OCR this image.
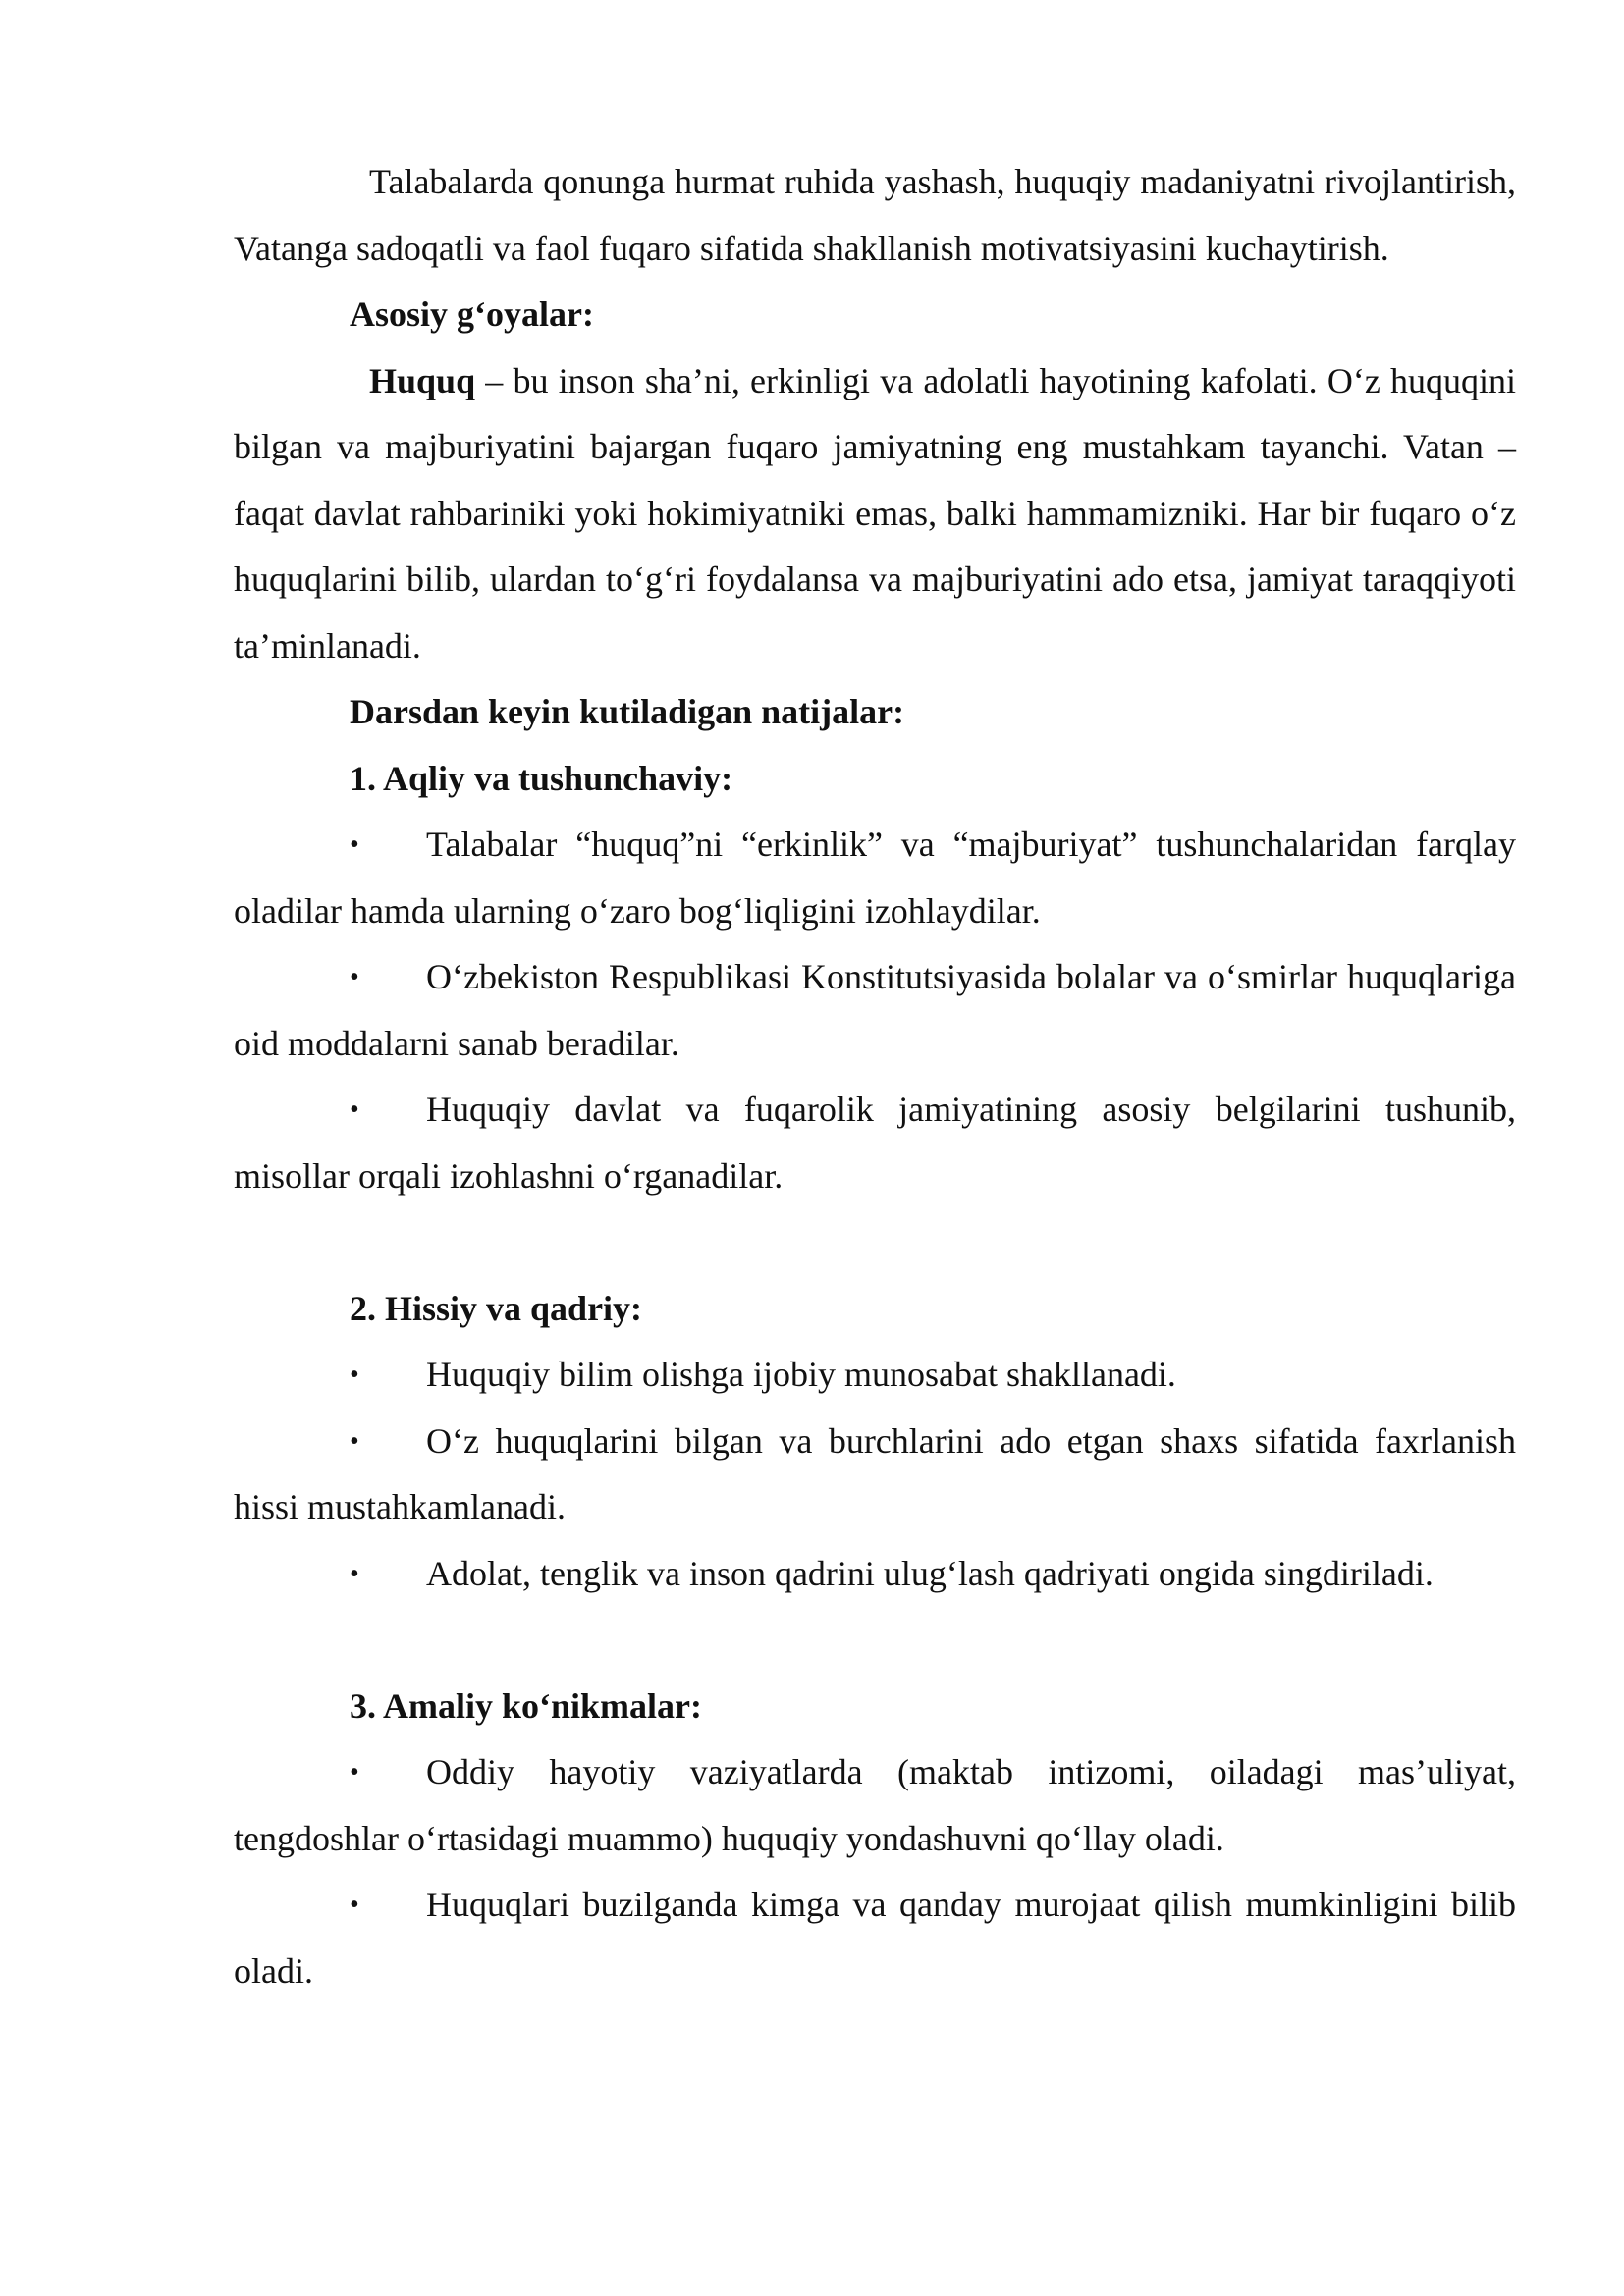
Talabalarda qonunga hurmat ruhida yashash, huquqiy madaniyatni rivojlantirish, Vatanga sadoqatli va faol fuqaro sifatida shakllanish motivatsiyasini kuchaytirish.

Asosiy g‘oyalar:

Huquq – bu inson sha’ni, erkinligi va adolatli hayotining kafolati. O‘z huquqini bilgan va majburiyatini bajargan fuqaro jamiyatning eng mustahkam tayanchi. Vatan – faqat davlat rahbariniki yoki hokimiyatniki emas, balki hammamizniki. Har bir fuqaro o‘z huquqlarini bilib, ulardan to‘g‘ri foydalansa va majburiyatini ado etsa, jamiyat taraqqiyoti ta’minlanadi.

Darsdan keyin kutiladigan natijalar:

1. Aqliy va tushunchaviy:

• Talabalar “huquq”ni “erkinlik” va “majburiyat” tushunchalaridan farqlay oladilar hamda ularning o‘zaro bog‘liqligini izohlaydilar.

• O‘zbekiston Respublikasi Konstitutsiyasida bolalar va o‘smirlar huquqlariga oid moddalarni sanab beradilar.

• Huquqiy davlat va fuqarolik jamiyatining asosiy belgilarini tushunib, misollar orqali izohlashni o‘rganadilar.

2. Hissiy va qadriy:

• Huquqiy bilim olishga ijobiy munosabat shakllanadi.

• O‘z huquqlarini bilgan va burchlarini ado etgan shaxs sifatida faxrlanish hissi mustahkamlanadi.

• Adolat, tenglik va inson qadrini ulug‘lash qadriyati ongida singdiriladi.

3. Amaliy ko‘nikmalar:

• Oddiy hayotiy vaziyatlarda (maktab intizomi, oiladagi mas’uliyat, tengdoshlar o‘rtasidagi muammo) huquqiy yondashuvni qo‘llay oladi.

• Huquqlari buzilganda kimga va qanday murojaat qilish mumkinligini bilib oladi.
